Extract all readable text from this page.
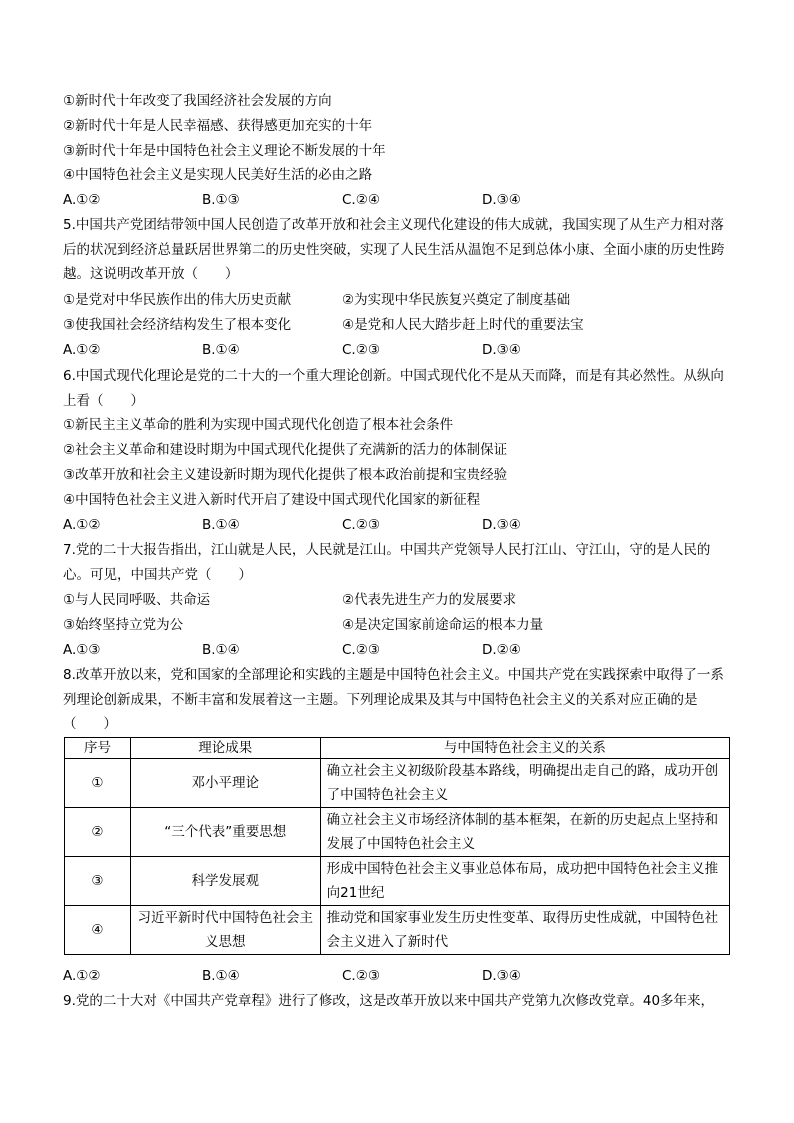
①新时代十年改变了我国经济社会发展的方向
②新时代十年是人民幸福感、获得感更加充实的十年
③新时代十年是中国特色社会主义理论不断发展的十年
④中国特色社会主义是实现人民美好生活的必由之路
A.①②	B.①③	C.②④	D.③④
5.中国共产党团结带领中国人民创造了改革开放和社会主义现代化建设的伟大成就，我国实现了从生产力相对落后的状况到经济总量跃居世界第二的历史性突破，实现了人民生活从温饱不足到总体小康、全面小康的历史性跨越。这说明改革开放（　　）
①是党对中华民族作出的伟大历史贡献	②为实现中华民族复兴奠定了制度基础
③使我国社会经济结构发生了根本变化	④是党和人民大踏步赶上时代的重要法宝
A.①②	B.①④	C.②③	D.③④
6.中国式现代化理论是党的二十大的一个重大理论创新。中国式现代化不是从天而降，而是有其必然性。从纵向上看（　　）
①新民主主义革命的胜利为实现中国式现代化创造了根本社会条件
②社会主义革命和建设时期为中国式现代化提供了充满新的活力的体制保证
③改革开放和社会主义建设新时期为现代化提供了根本政治前提和宝贵经验
④中国特色社会主义进入新时代开启了建设中国式现代化国家的新征程
A.①②	B.①④	C.②③	D.③④
7.党的二十大报告指出，江山就是人民，人民就是江山。中国共产党领导人民打江山、守江山，守的是人民的心。可见，中国共产党（　　）
①与人民同呼吸、共命运	②代表先进生产力的发展要求
③始终坚持立党为公	④是决定国家前途命运的根本力量
A.①③	B.①④	C.②③	D.②④
8.改革开放以来，党和国家的全部理论和实践的主题是中国特色社会主义。中国共产党在实践探索中取得了一系列理论创新成果，不断丰富和发展着这一主题。下列理论成果及其与中国特色社会主义的关系对应正确的是（　　）
序号	理论成果	与中国特色社会主义的关系
①	邓小平理论	确立社会主义初级阶段基本路线，明确提出走自己的路，成功开创了中国特色社会主义
②	“三个代表”重要思想	确立社会主义市场经济体制的基本框架，在新的历史起点上坚持和发展了中国特色社会主义
③	科学发展观	形成中国特色社会主义事业总体布局，成功把中国特色社会主义推向21世纪
④	习近平新时代中国特色社会主义思想	推动党和国家事业发生历史性变革、取得历史性成就，中国特色社会主义进入了新时代
A.①②	B.①④	C.②③	D.③④
9.党的二十大对《中国共产党章程》进行了修改，这是改革开放以来中国共产党第九次修改党章。40多年来，
